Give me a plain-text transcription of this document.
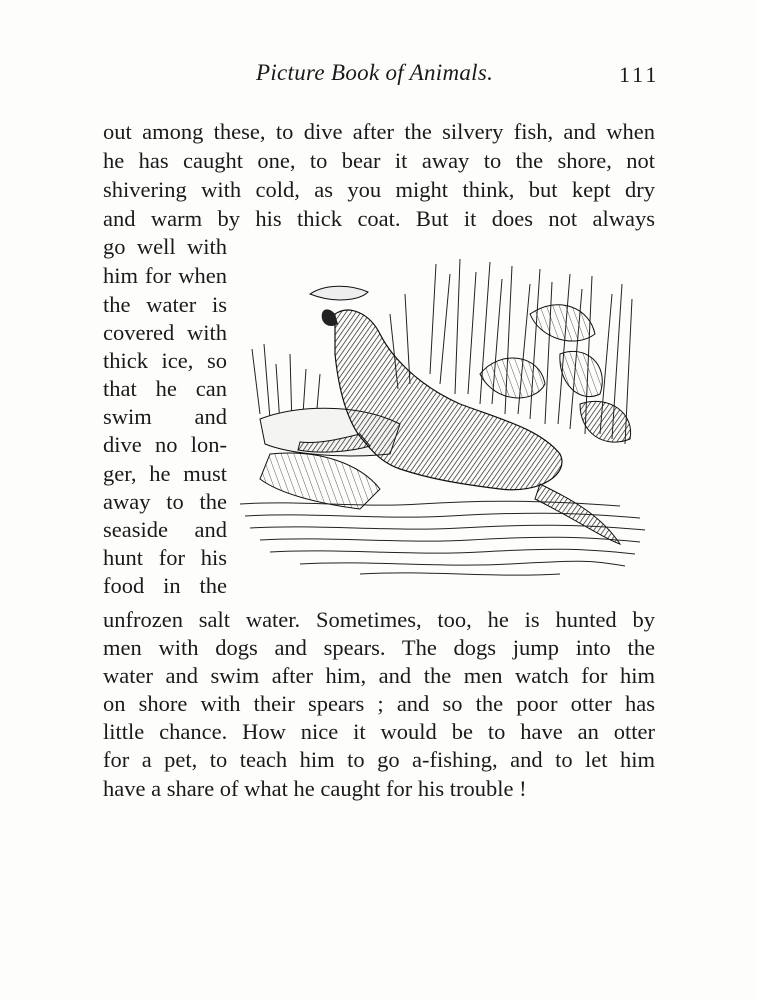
Picture Book of Animals.	111
out among these, to dive after the silvery fish, and when
he has caught one, to bear it away to the shore, not
shivering with cold, as you might think, but kept dry
and warm by his thick coat. But it does not always
go well with
him for when
the water is
covered with
thick ice, so
that he can
swim and
dive no lon-
ger, he must
away to the
seaside and
hunt for his
food in the
unfrozen salt water. Sometimes, too, he is hunted by
men with dogs and spears. The dogs jump into the
water and swim after him, and the men watch for him
on shore with their spears ; and so the poor otter has
little chance. How nice it would be to have an otter
for a pet, to teach him to go a-fishing, and to let him
have a share of what he caught for his trouble !
